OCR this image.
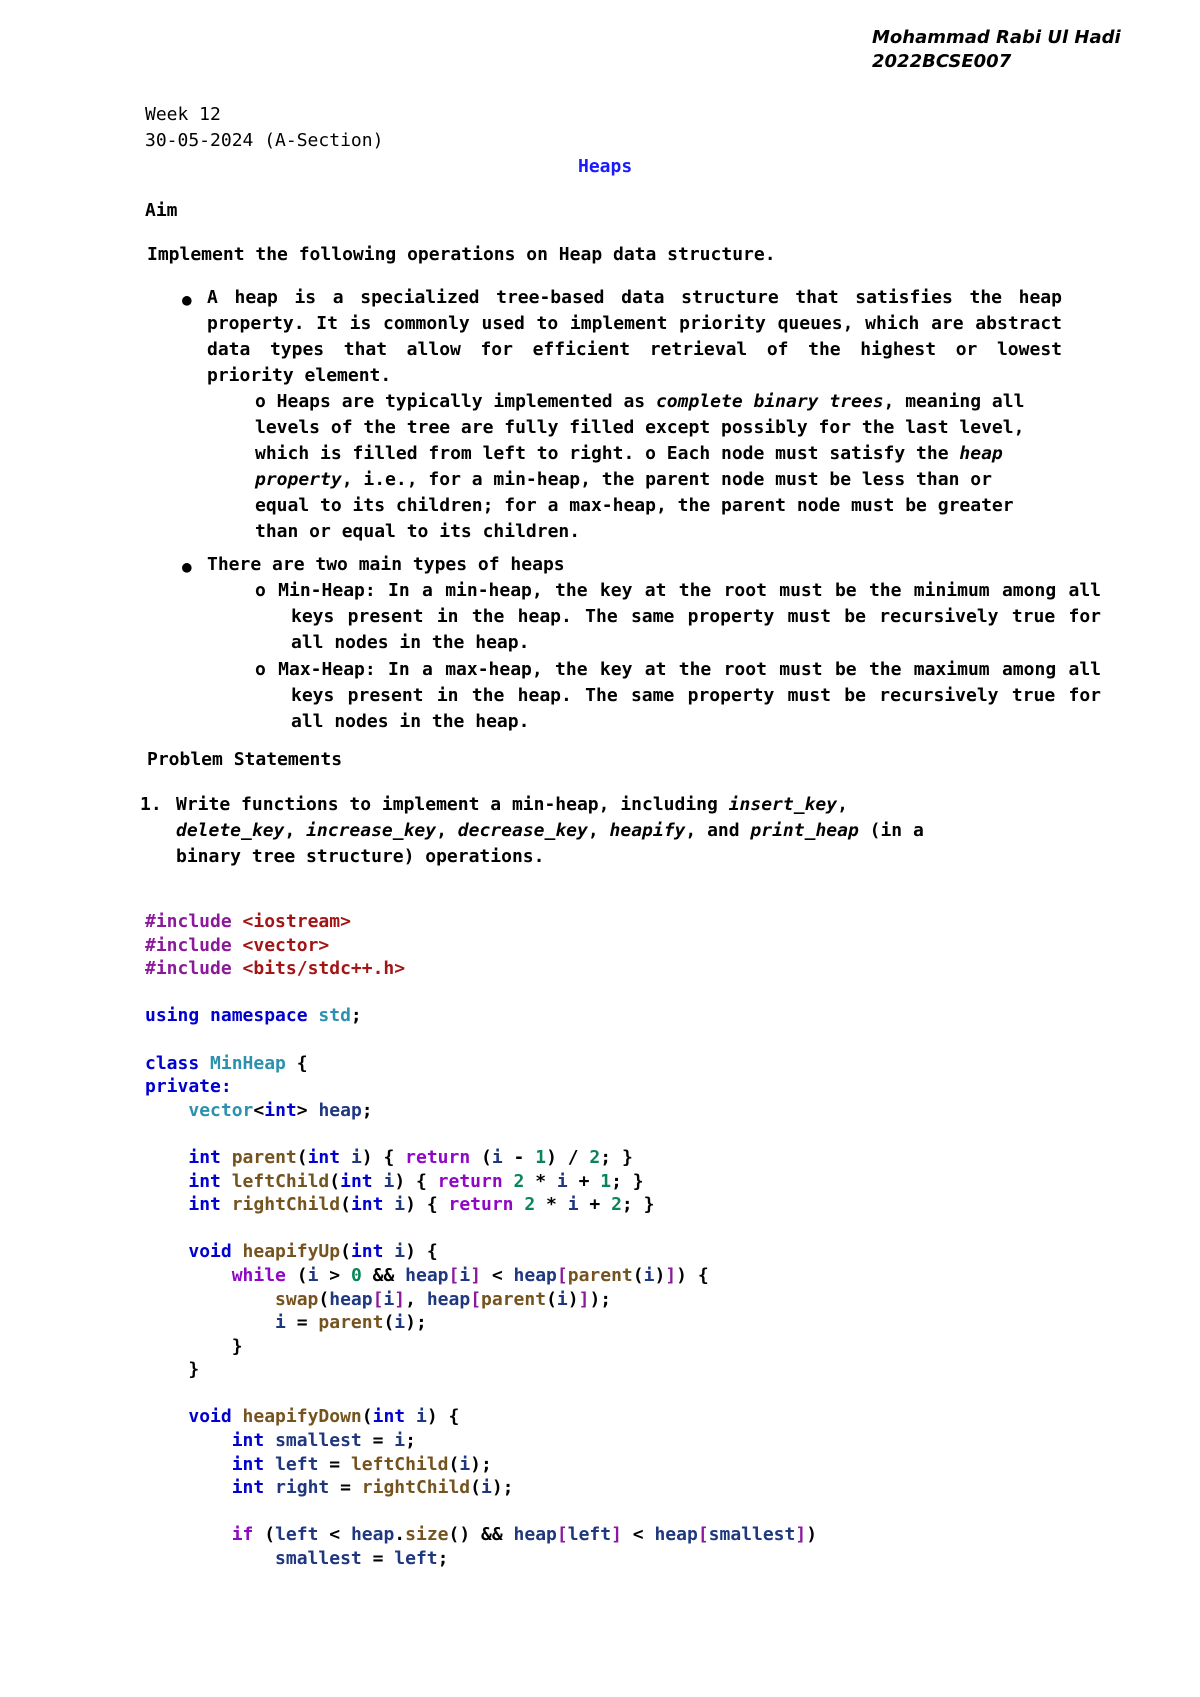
Mohammad Rabi Ul Hadi
2022BCSE007
Week 12
30-05-2024 (A-Section)
Heaps
Aim
Implement the following operations on Heap data structure.
● A heap is a specialized tree-based data structure that satisfies the heap property. It is commonly used to implement priority queues, which are abstract data types that allow for efficient retrieval of the highest or lowest priority element.
o Heaps are typically implemented as complete binary trees, meaning all levels of the tree are fully filled except possibly for the last level, which is filled from left to right. o Each node must satisfy the heap property, i.e., for a min-heap, the parent node must be less than or equal to its children; for a max-heap, the parent node must be greater than or equal to its children.
● There are two main types of heaps
o Min-Heap: In a min-heap, the key at the root must be the minimum among all keys present in the heap. The same property must be recursively true for all nodes in the heap.
o Max-Heap: In a max-heap, the key at the root must be the maximum among all keys present in the heap. The same property must be recursively true for all nodes in the heap.
Problem Statements
1. Write functions to implement a min-heap, including insert_key, delete_key, increase_key, decrease_key, heapify, and print_heap (in a binary tree structure) operations.
#include <iostream>
#include <vector>
#include <bits/stdc++.h>
using namespace std;
class MinHeap {
private:
vector<int> heap;
int parent(int i) { return (i - 1) / 2; }
int leftChild(int i) { return 2 * i + 1; }
int rightChild(int i) { return 2 * i + 2; }
void heapifyUp(int i) {
while (i > 0 && heap[i] < heap[parent(i)]) {
swap(heap[i], heap[parent(i)]);
i = parent(i);
}
}
void heapifyDown(int i) {
int smallest = i;
int left = leftChild(i);
int right = rightChild(i);
if (left < heap.size() && heap[left] < heap[smallest])
smallest = left;
